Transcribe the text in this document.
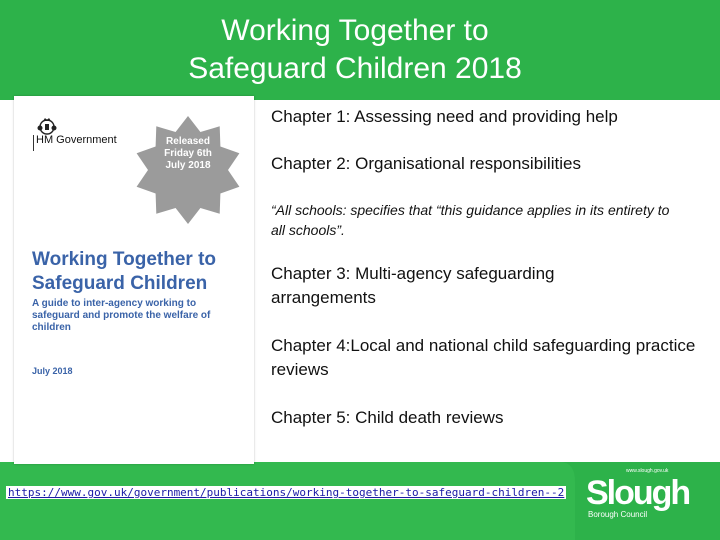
Working Together to
Safeguard Children 2018
https://www.gov.uk/government/publications/working-together-to-safeguard-children--2
www.slough.gov.uk
Slough
Borough Council
HM Government	Released
Friday 6th
July 2018
Working Together to
Safeguard Children
A guide to inter-agency working to safeguard and promote the welfare of children
July 2018
Chapter 1: Assessing need and providing help
Chapter 2: Organisational responsibilities
“All schools: specifies that “this guidance applies in its entirety to all schools”.
Chapter 3: Multi-agency safeguarding arrangements
Chapter 4:Local and national child safeguarding practice reviews
Chapter 5: Child death reviews
